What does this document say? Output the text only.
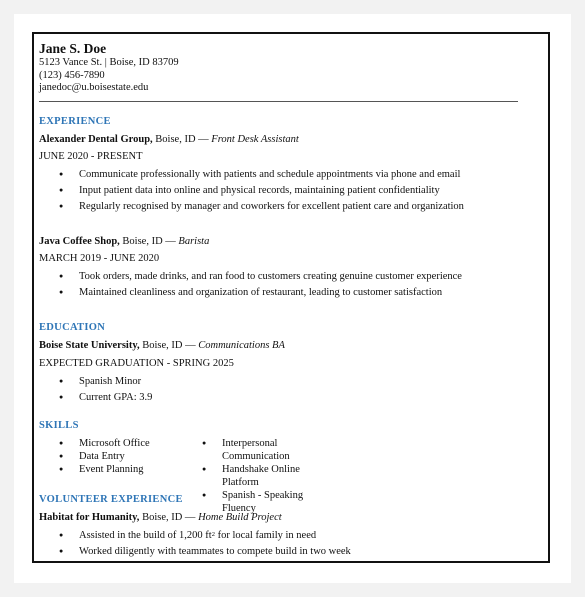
Jane S. Doe

5123 Vance St. | Boise, ID 83709

(123) 456-7890

janedoc@u.boisestate.edu

EXPERIENCE

Alexander Dental Group, Boise, ID — Front Desk Assistant

JUNE 2020 - PRESENT

● Communicate professionally with patients and schedule appointments via phone and email
● Input patient data into online and physical records, maintaining patient confidentiality
● Regularly recognised by manager and coworkers for excellent patient care and organization

Java Coffee Shop, Boise, ID — Barista

MARCH 2019 - JUNE 2020

● Took orders, made drinks, and ran food to customers creating genuine customer experience
● Maintained cleanliness and organization of restaurant, leading to customer satisfaction

EDUCATION

Boise State University, Boise, ID — Communications BA

EXPECTED GRADUATION - SPRING 2025

● Spanish Minor
● Current GPA: 3.9

SKILLS

● Microsoft Office
● Data Entry
● Event Planning
● Interpersonal Communication
● Handshake Online Platform
● Spanish - Speaking Fluency

VOLUNTEER EXPERIENCE

Habitat for Humanity, Boise, ID — Home Build Project

● Assisted in the build of 1,200 $ft^2$ for local family in need
● Worked diligently with teammates to compete build in two week
